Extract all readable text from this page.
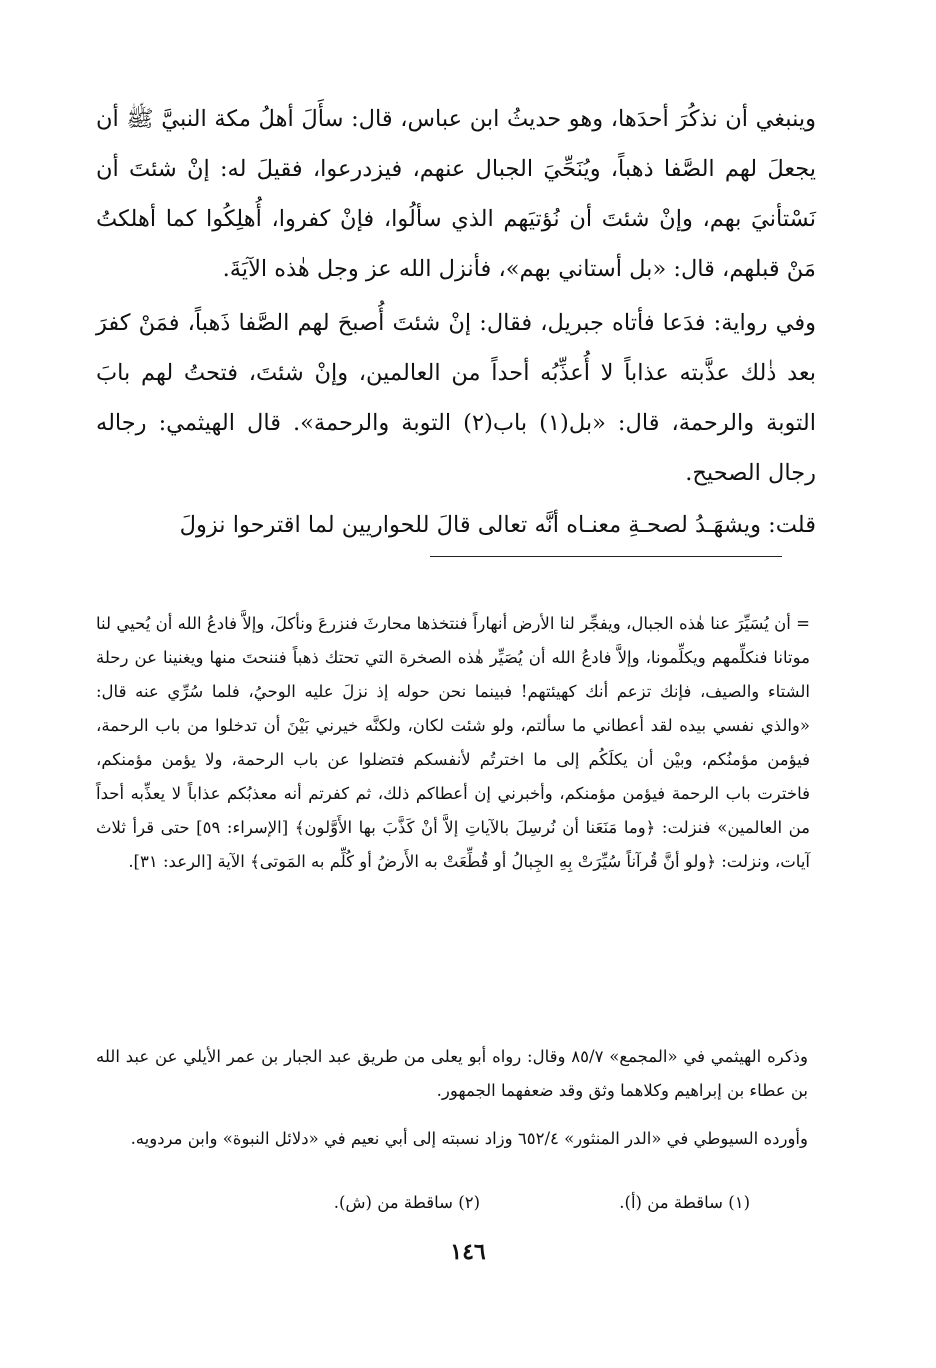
وينبغي أن نذكُرَ أحدَها، وهو حديثُ ابن عباس، قال: سأَلَ أهلُ مكة النبيَّ ﷺ أن يجعلَ لهم الصَّفا ذهباً، ويُنَحِّيَ الجبال عنهم، فيزدرعوا، فقيلَ له: إنْ شئتَ أن نَسْتأنيَ بهم، وإنْ شئتَ أن نُؤتيَهم الذي سألُوا، فإنْ كفروا، أُهلِكُوا كما أهلكتُ مَنْ قبلهم، قال: «بل أستاني بهم»، فأنزل الله عز وجل هٰذه الآيَةَ.

وفي رواية: فدَعا فأتاه جبريل، فقال: إنْ شئتَ أُصبحَ لهم الصَّفا ذَهباً، فمَنْ كفرَ بعد ذٰلك عذَّبته عذاباً لا أُعذِّبُه أحداً من العالمين، وإنْ شئتَ، فتحتُ لهم بابَ التوبة والرحمة، قال: «بل(١) باب(٢) التوبة والرحمة». قال الهيثمي: رجاله رجال الصحيح.

قلت: ويشهَـدُ لصحـةِ معنـاه أنَّه تعالى قالَ للحواريين لما اقترحوا نزولَ

= أن يُسَيِّرَ عنا هٰذه الجبال، ويفجِّر لنا الأرض أنهاراً فنتخذها محارثَ فنزرعَ ونأكلَ، وإلاَّ فادعُ الله أن يُحيي لنا موتانا فنكلِّمهم ويكلِّمونا، وإلاَّ فادعُ الله أن يُصَيِّر هٰذه الصخرة التي تحتك ذهباً فننحتَ منها ويغنينا عن رحلة الشتاء والصيف، فإنك تزعم أنك كهيئتهم! فبينما نحن حوله إذ نزلَ عليه الوحيُ، فلما سُرِّي عنه قال: «والذي نفسي بيده لقد أعطاني ما سألتم، ولو شئت لكان، ولكنَّه خيرني بَيْنَ أن تدخلوا من باب الرحمة، فيؤمن مؤمنُكم، وبيْن أن يكلَكُم إلى ما اخترتُم لأنفسكم فتضلوا عن باب الرحمة، ولا يؤمن مؤمنكم، فاخترت باب الرحمة فيؤمن مؤمنكم، وأخبرني إن أعطاكم ذلك، ثم كفرتم أنه معذبُكم عذاباً لا يعذِّبه أحداً من العالمين» فنزلت: ﴿وما مَنَعَنا أن نُرسِلَ بالآياتِ إلاَّ أنْ كَذَّبَ بها الأَوَّلون﴾ [الإسراء: ٥٩] حتى قرأ ثلاث آيات، ونزلت: ﴿ولو أنَّ قُرآناً سُيِّرَتْ بِهِ الجِبالُ أو قُطِّعَتْ به الأَرضُ أو كُلِّم به المَوتى﴾ الآية [الرعد: ٣١].

وذكره الهيثمي في «المجمع» ٨٥/٧ وقال: رواه أبو يعلى من طريق عبد الجبار بن عمر الأيلي عن عبد الله بن عطاء بن إبراهيم وكلاهما وثق وقد ضعفهما الجمهور.

وأورده السيوطي في «الدر المنثور» ٦٥٢/٤ وزاد نسبته إلى أبي نعيم في «دلائل النبوة» وابن مردويه.

(١) ساقطة من (أ).
(٢) ساقطة من (ش).
١٤٦
